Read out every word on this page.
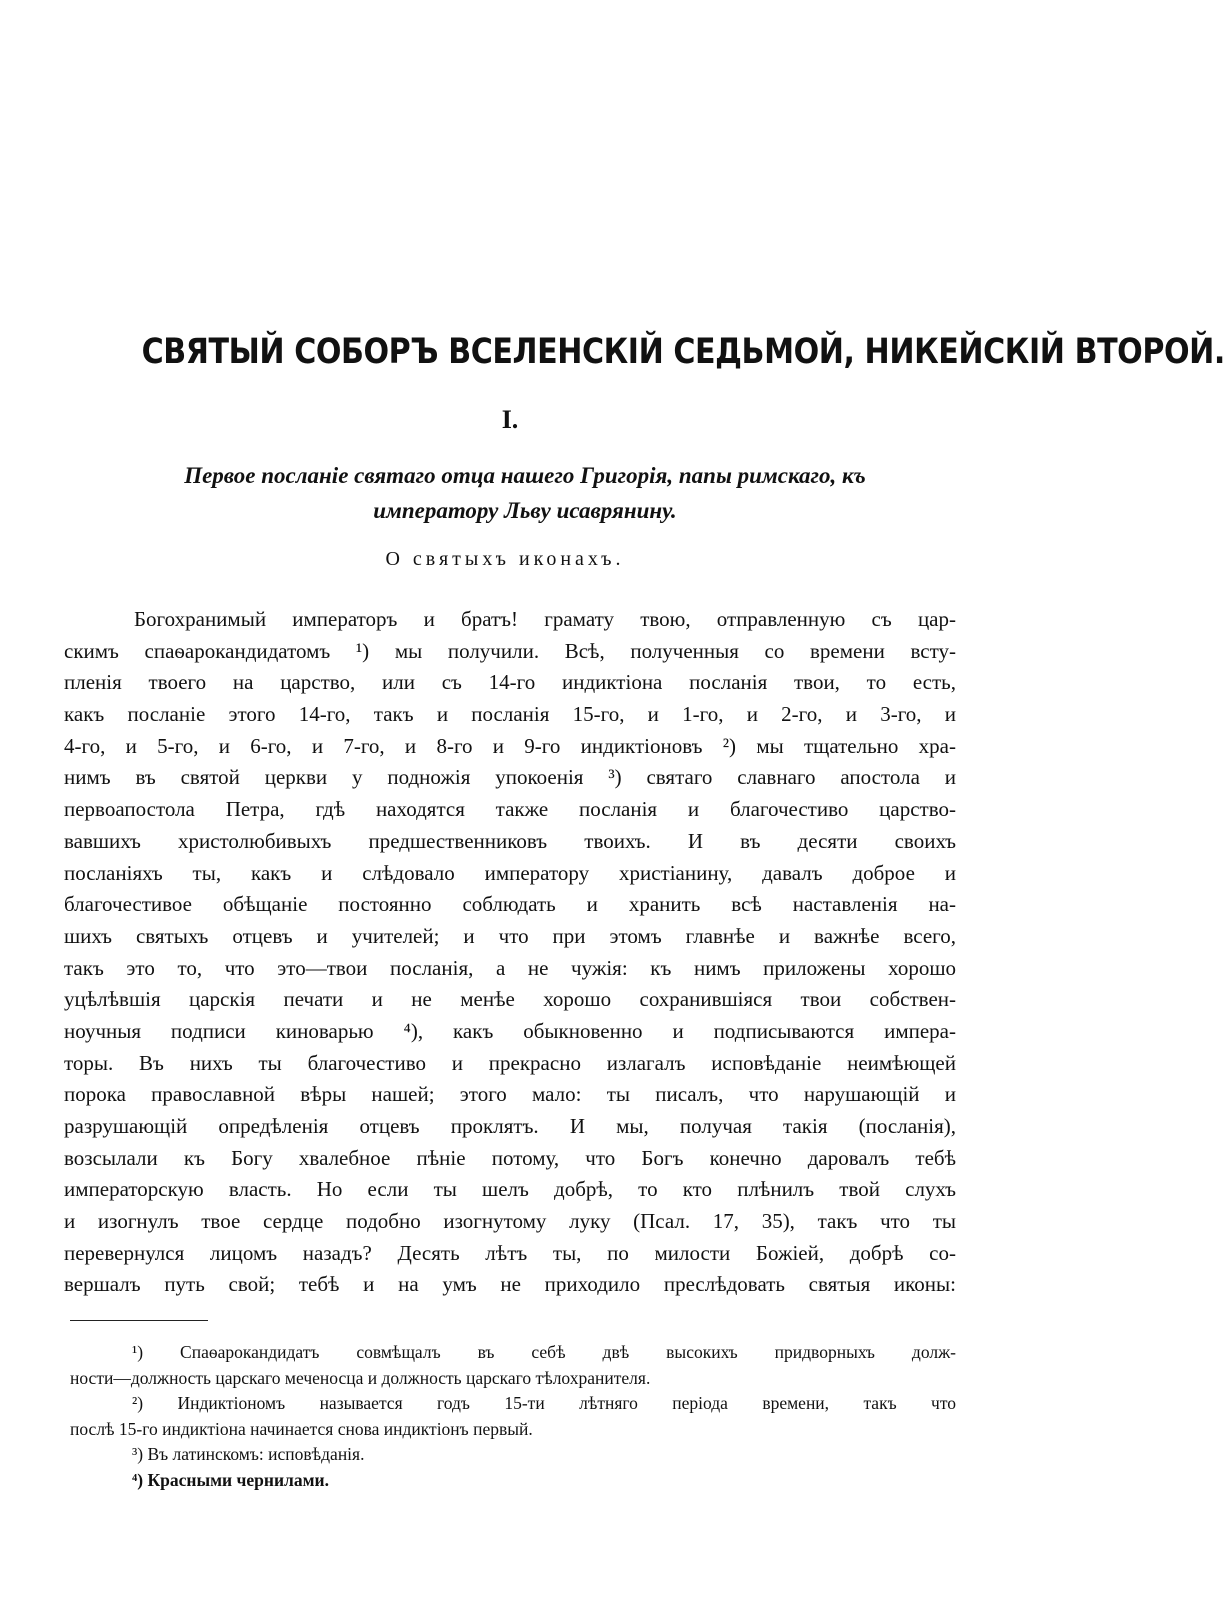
СВЯТЫЙ СОБОРЪ ВСЕЛЕНСКІЙ СЕДЬМОЙ, НИКЕЙСКІЙ ВТОРОЙ.
I.
Первое посланіе святаго отца нашего Григорія, папы римскаго, къ
императору Льву исаврянину.
О святыхъ иконахъ.
Богохранимый императоръ и братъ! грамату твою, отправленную съ цар-
скимъ спаѳарокандидатомъ ¹) мы получили. Всѣ, полученныя со времени всту-
пленія твоего на царство, или съ 14-го индиктіона посланія твои, то есть,
какъ посланіе этого 14-го, такъ и посланія 15-го, и 1-го, и 2-го, и 3-го, и
4-го, и 5-го, и 6-го, и 7-го, и 8-го и 9-го индиктіоновъ ²) мы тщательно хра-
нимъ въ святой церкви у подножія упокоенія ³) святаго славнаго апостола и
первоапостола Петра, гдѣ находятся также посланія и благочестиво царство-
вавшихъ христолюбивыхъ предшественниковъ твоихъ. И въ десяти своихъ
посланіяхъ ты, какъ и слѣдовало императору христіанину, давалъ доброе и
благочестивое обѣщаніе постоянно соблюдать и хранить всѣ наставленія на-
шихъ святыхъ отцевъ и учителей; и что при этомъ главнѣе и важнѣе всего,
такъ это то, что это—твои посланія, а не чужія: къ нимъ приложены хорошо
уцѣлѣвшія царскія печати и не менѣе хорошо сохранившіяся твои собствен-
ноучныя подписи киноварью ⁴), какъ обыкновенно и подписываются импера-
торы. Въ нихъ ты благочестиво и прекрасно излагалъ исповѣданіе неимѣющей
порока православной вѣры нашей; этого мало: ты писалъ, что нарушающій и
разрушающій опредѣленія отцевъ проклятъ. И мы, получая такія (посланія),
возсылали къ Богу хвалебное пѣніе потому, что Богъ конечно даровалъ тебѣ
императорскую власть. Но если ты шелъ добрѣ, то кто плѣнилъ твой слухъ
и изогнулъ твое сердце подобно изогнутому луку (Псал. 17, 35), такъ что ты
перевернулся лицомъ назадъ? Десять лѣтъ ты, по милости Божіей, добрѣ со-
вершалъ путь свой; тебѣ и на умъ не приходило преслѣдовать святыя иконы:
¹) Спаѳарокандидатъ совмѣщалъ въ себѣ двѣ высокихъ придворныхъ долж-
ности—должность царскаго меченосца и должность царскаго тѣлохранителя.
²) Индиктіономъ называется годъ 15-ти лѣтняго періода времени, такъ что
послѣ 15-го индиктіона начинается снова индиктіонъ первый.
³) Въ латинскомъ: исповѣданія.
⁴) Красными чернилами.
